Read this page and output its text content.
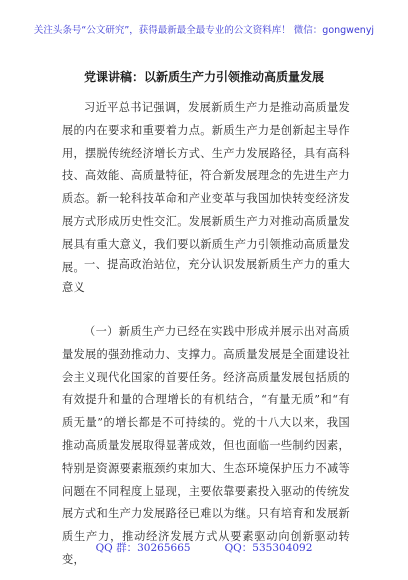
关注头条号“公文研究”，获得最新最全最专业的公文资料库！ 微信：gongwenyj
党课讲稿：以新质生产力引领推动高质量发展
习近平总书记强调，发展新质生产力是推动高质量发展的内在要求和重要着力点。新质生产力是创新起主导作用，摆脱传统经济增长方式、生产力发展路径，具有高科技、高效能、高质量特征，符合新发展理念的先进生产力质态。新一轮科技革命和产业变革与我国加快转变经济发展方式形成历史性交汇。发展新质生产力对推动高质量发展具有重大意义，我们要以新质生产力引领推动高质量发展。 一、提高政治站位，充分认识发展新质生产力的重大意义
（一）新质生产力已经在实践中形成并展示出对高质量发展的强劲推动力、支撑力。高质量发展是全面建设社会主义现代化国家的首要任务。经济高质量发展包括质的有效提升和量的合理增长的有机结合，“有量无质”和“有质无量”的增长都是不可持续的。党的十八大以来，我国推动高质量发展取得显著成效，但也面临一些制约因素，特别是资源要素瓶颈约束加大、生态环境保护压力不减等问题在不同程度上显现，主要依靠要素投入驱动的传统发展方式和生产力发展路径已难以为继。只有培育和发展新质生产力，推动经济发展方式从要素驱动向创新驱动转变，
QQ 群：30265665	QQ：535304092
